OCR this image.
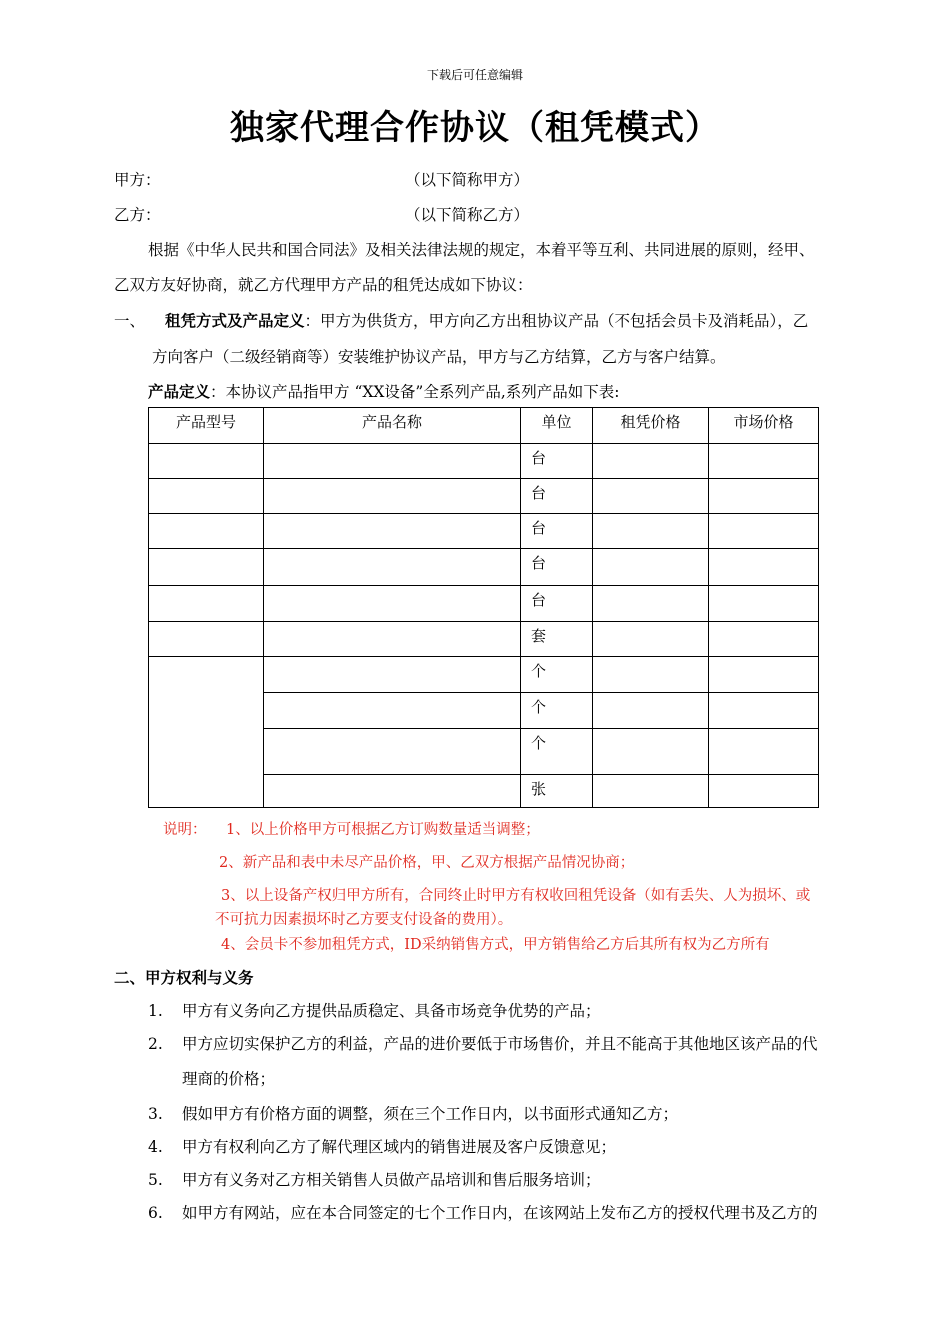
下载后可任意编辑
独家代理合作协议（租凭模式）
甲方：	（以下简称甲方）
乙方：	（以下简称乙方）
根据《中华人民共和国合同法》及相关法律法规的规定，本着平等互利、共同进展的原则，经甲、
乙双方友好协商，就乙方代理甲方产品的租凭达成如下协议：
一、 租凭方式及产品定义：甲方为供货方，甲方向乙方出租协议产品（不包括会员卡及消耗品），乙
方向客户（二级经销商等）安装维护协议产品，甲方与乙方结算，乙方与客户结算。
产品定义：本协议产品指甲方 “XX设备”全系列产品,系列产品如下表:
产品型号	产品名称	单位	租凭价格	市场价格
		台		
		台		
		台		
		台		
		台		
		套		
		个		
		个		
		个		
		张		
说明： 1、以上价格甲方可根据乙方订购数量适当调整；
2、新产品和表中未尽产品价格，甲、乙双方根据产品情况协商；
3、以上设备产权归甲方所有，合同终止时甲方有权收回租凭设备（如有丢失、人为损坏、或
不可抗力因素损坏时乙方要支付设备的费用）。
4、会员卡不参加租凭方式，ID采纳销售方式，甲方销售给乙方后其所有权为乙方所有
二、甲方权利与义务
1. 甲方有义务向乙方提供品质稳定、具备市场竞争优势的产品；
2. 甲方应切实保护乙方的利益，产品的进价要低于市场售价，并且不能高于其他地区该产品的代
理商的价格；
3. 假如甲方有价格方面的调整，须在三个工作日内，以书面形式通知乙方；
4. 甲方有权利向乙方了解代理区域内的销售进展及客户反馈意见；
5. 甲方有义务对乙方相关销售人员做产品培训和售后服务培训；
6. 如甲方有网站，应在本合同签定的七个工作日内，在该网站上发布乙方的授权代理书及乙方的
